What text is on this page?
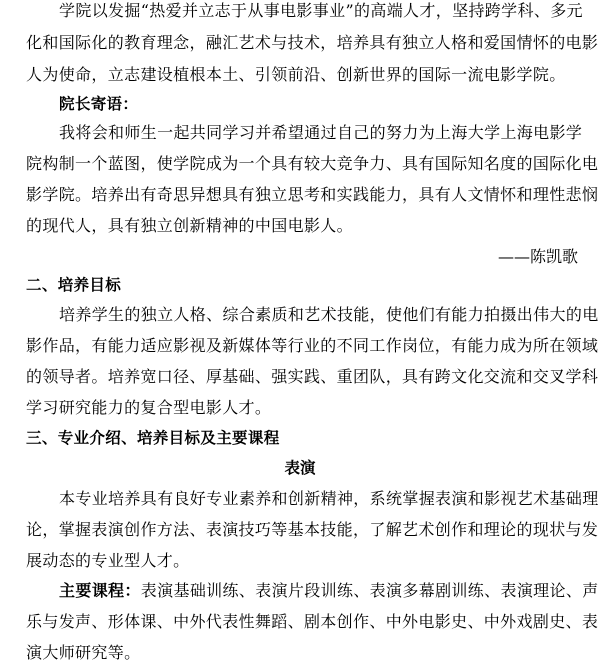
学院以发掘“热爱并立志于从事电影事业”的高端人才，坚持跨学科、多元
化和国际化的教育理念，融汇艺术与技术，培养具有独立人格和爱国情怀的电影
人为使命，立志建设植根本土、引领前沿、创新世界的国际一流电影学院。
院长寄语：
我将会和师生一起共同学习并希望通过自己的努力为上海大学上海电影学
院构制一个蓝图，使学院成为一个具有较大竞争力、具有国际知名度的国际化电
影学院。培养出有奇思异想具有独立思考和实践能力，具有人文情怀和理性悲悯
的现代人，具有独立创新精神的中国电影人。
——陈凯歌
二、培养目标
培养学生的独立人格、综合素质和艺术技能，使他们有能力拍摄出伟大的电
影作品，有能力适应影视及新媒体等行业的不同工作岗位，有能力成为所在领域
的领导者。培养宽口径、厚基础、强实践、重团队，具有跨文化交流和交叉学科
学习研究能力的复合型电影人才。
三、专业介绍、培养目标及主要课程
表演
本专业培养具有良好专业素养和创新精神，系统掌握表演和影视艺术基础理
论，掌握表演创作方法、表演技巧等基本技能，了解艺术创作和理论的现状与发
展动态的专业型人才。
主要课程：表演基础训练、表演片段训练、表演多幕剧训练、表演理论、声
乐与发声、形体课、中外代表性舞蹈、剧本创作、中外电影史、中外戏剧史、表
演大师研究等。
